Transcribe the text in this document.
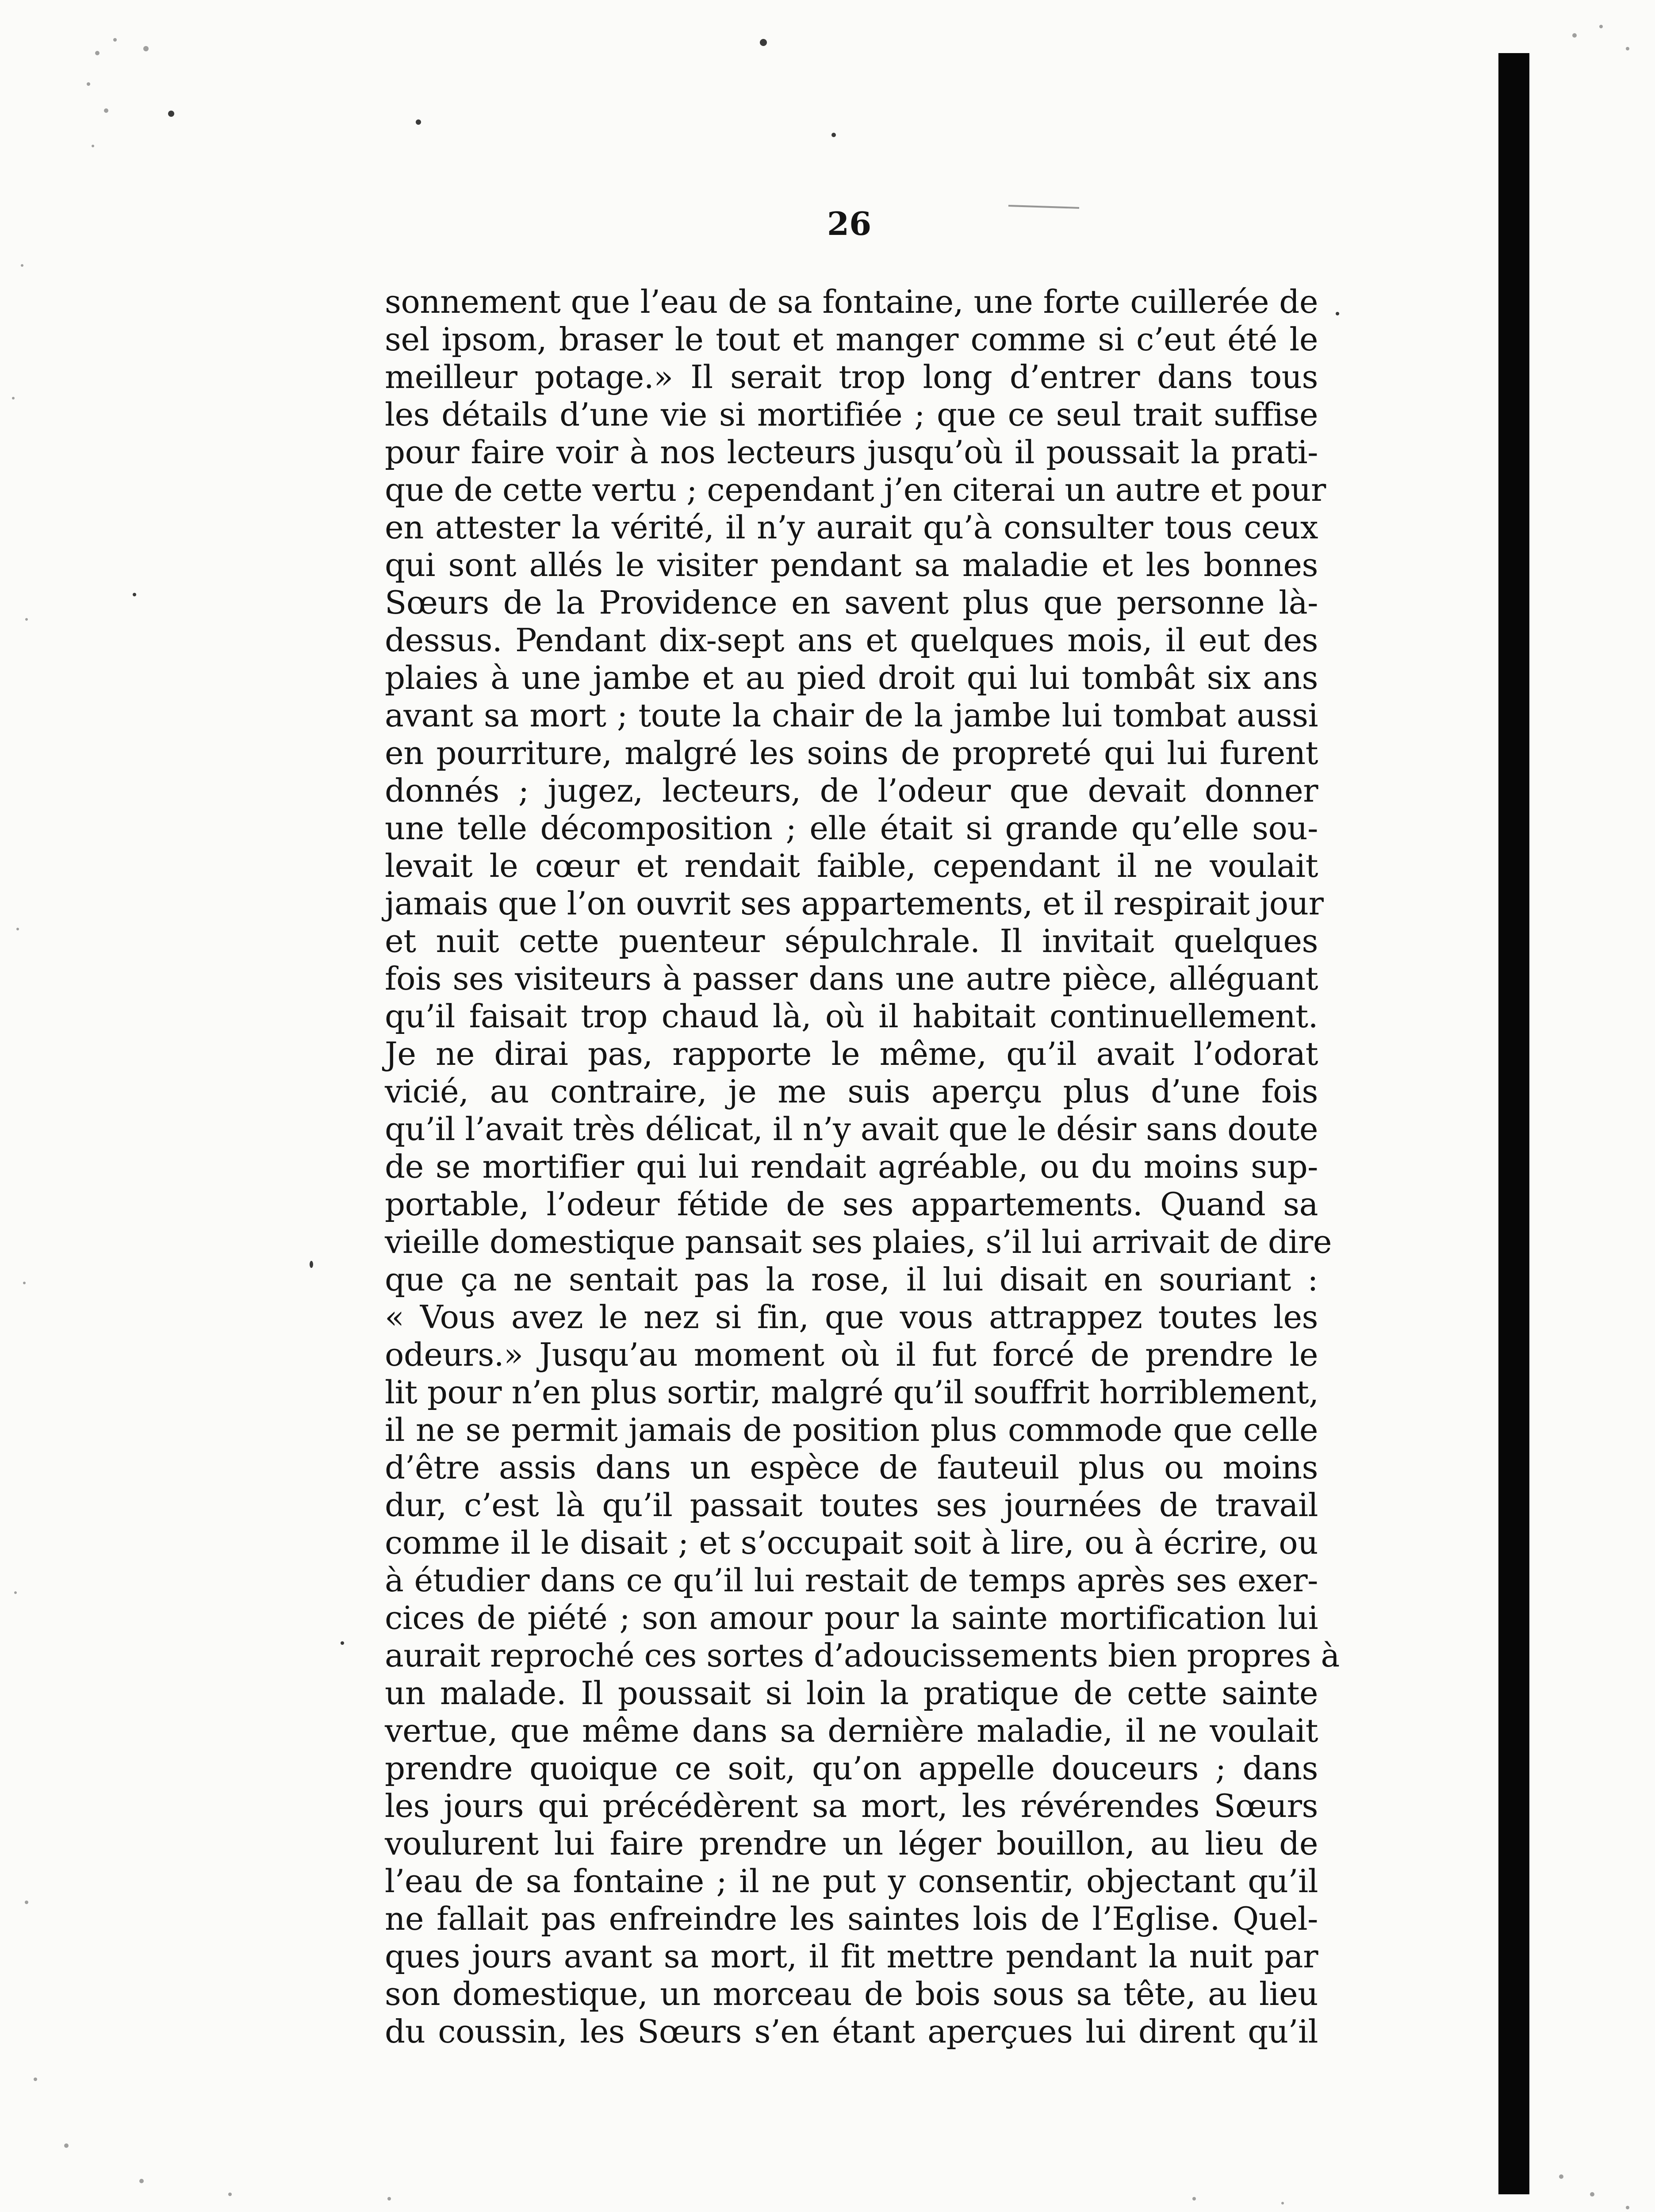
26
sonnement que l’eau de sa fontaine, une forte cuillerée de
sel ipsom, braser le tout et manger comme si c’eut été le
meilleur potage.» Il serait trop long d’entrer dans tous
les détails d’une vie si mortifiée ; que ce seul trait suffise
pour faire voir à nos lecteurs jusqu’où il poussait la prati-
que de cette vertu ; cependant j’en citerai un autre et pour
en attester la vérité, il n’y aurait qu’à consulter tous ceux
qui sont allés le visiter pendant sa maladie et les bonnes
Sœurs de la Providence en savent plus que personne là-
dessus. Pendant dix-sept ans et quelques mois, il eut des
plaies à une jambe et au pied droit qui lui tombât six ans
avant sa mort ; toute la chair de la jambe lui tombat aussi
en pourriture, malgré les soins de propreté qui lui furent
donnés ; jugez, lecteurs, de l’odeur que devait donner
une telle décomposition ; elle était si grande qu’elle sou-
levait le cœur et rendait faible, cependant il ne voulait
jamais que l’on ouvrit ses appartements, et il respirait jour
et nuit cette puenteur sépulchrale. Il invitait quelques
fois ses visiteurs à passer dans une autre pièce, alléguant
qu’il faisait trop chaud là, où il habitait continuellement.
Je ne dirai pas, rapporte le même, qu’il avait l’odorat
vicié, au contraire, je me suis aperçu plus d’une fois
qu’il l’avait très délicat, il n’y avait que le désir sans doute
de se mortifier qui lui rendait agréable, ou du moins sup-
portable, l’odeur fétide de ses appartements. Quand sa
vieille domestique pansait ses plaies, s’il lui arrivait de dire
que ça ne sentait pas la rose, il lui disait en souriant :
« Vous avez le nez si fin, que vous attrappez toutes les
odeurs.» Jusqu’au moment où il fut forcé de prendre le
lit pour n’en plus sortir, malgré qu’il souffrit horriblement,
il ne se permit jamais de position plus commode que celle
d’être assis dans un espèce de fauteuil plus ou moins
dur, c’est là qu’il passait toutes ses journées de travail
comme il le disait ; et s’occupait soit à lire, ou à écrire, ou
à étudier dans ce qu’il lui restait de temps après ses exer-
cices de piété ; son amour pour la sainte mortification lui
aurait reproché ces sortes d’adoucissements bien propres à
un malade. Il poussait si loin la pratique de cette sainte
vertue, que même dans sa dernière maladie, il ne voulait
prendre quoique ce soit, qu’on appelle douceurs ; dans
les jours qui précédèrent sa mort, les révérendes Sœurs
voulurent lui faire prendre un léger bouillon, au lieu de
l’eau de sa fontaine ; il ne put y consentir, objectant qu’il
ne fallait pas enfreindre les saintes lois de l’Eglise. Quel-
ques jours avant sa mort, il fit mettre pendant la nuit par
son domestique, un morceau de bois sous sa tête, au lieu
du coussin, les Sœurs s’en étant aperçues lui dirent qu’il
